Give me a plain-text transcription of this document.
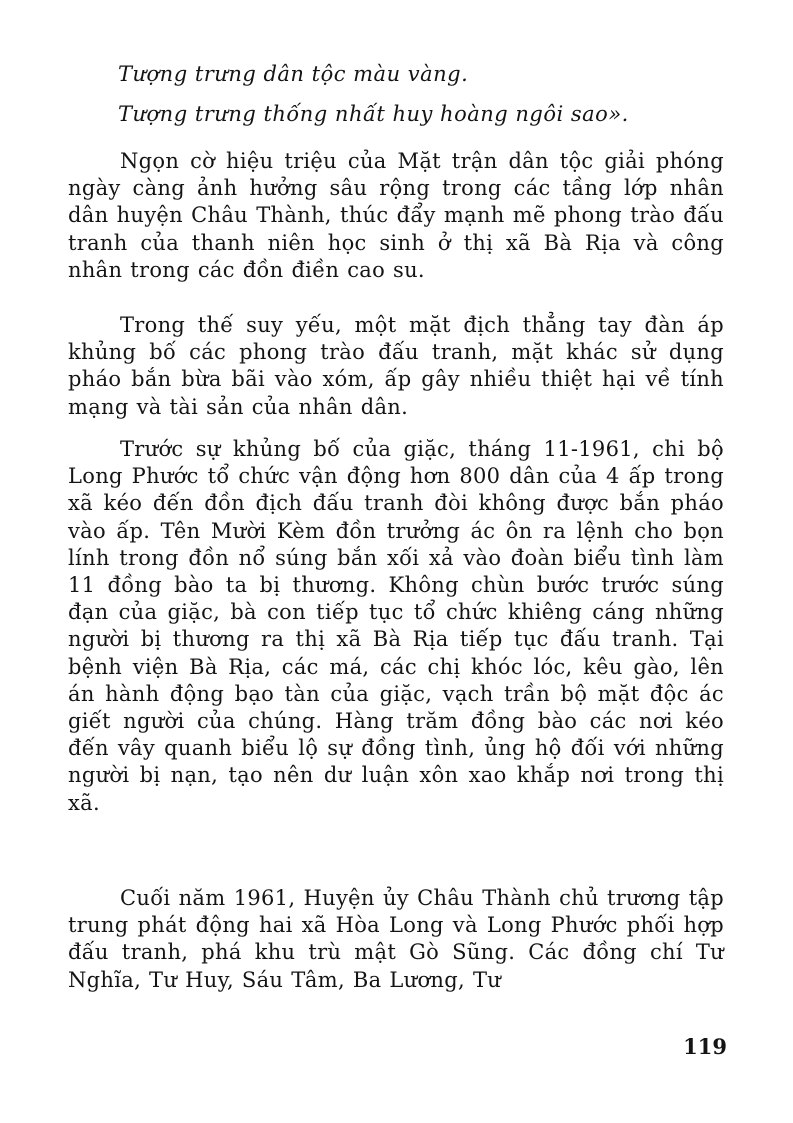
Tượng trưng dân tộc màu vàng.
Tượng trưng thống nhất huy hoàng ngôi sao».

Ngọn cờ hiệu triệu của Mặt trận dân tộc giải phóng ngày càng ảnh hưởng sâu rộng trong các tầng lớp nhân dân huyện Châu Thành, thúc đẩy mạnh mẽ phong trào đấu tranh của thanh niên học sinh ở thị xã Bà Rịa và công nhân trong các đồn điền cao su.

Trong thế suy yếu, một mặt địch thẳng tay đàn áp khủng bố các phong trào đấu tranh, mặt khác sử dụng pháo bắn bừa bãi vào xóm, ấp gây nhiều thiệt hại về tính mạng và tài sản của nhân dân.

Trước sự khủng bố của giặc, tháng 11-1961, chi bộ Long Phước tổ chức vận động hơn 800 dân của 4 ấp trong xã kéo đến đồn địch đấu tranh đòi không được bắn pháo vào ấp. Tên Mười Kèm đồn trưởng ác ôn ra lệnh cho bọn lính trong đồn nổ súng bắn xối xả vào đoàn biểu tình làm 11 đồng bào ta bị thương. Không chùn bước trước súng đạn của giặc, bà con tiếp tục tổ chức khiêng cáng những người bị thương ra thị xã Bà Rịa tiếp tục đấu tranh. Tại bệnh viện Bà Rịa, các má, các chị khóc lóc, kêu gào, lên án hành động bạo tàn của giặc, vạch trần bộ mặt độc ác giết người của chúng. Hàng trăm đồng bào các nơi kéo đến vây quanh biểu lộ sự đồng tình, ủng hộ đối với những người bị nạn, tạo nên dư luận xôn xao khắp nơi trong thị xã.

Cuối năm 1961, Huyện ủy Châu Thành chủ trương tập trung phát động hai xã Hòa Long và Long Phước phối hợp đấu tranh, phá khu trù mật Gò Sũng. Các đồng chí Tư Nghĩa, Tư Huy, Sáu Tâm, Ba Lương, Tư

119
